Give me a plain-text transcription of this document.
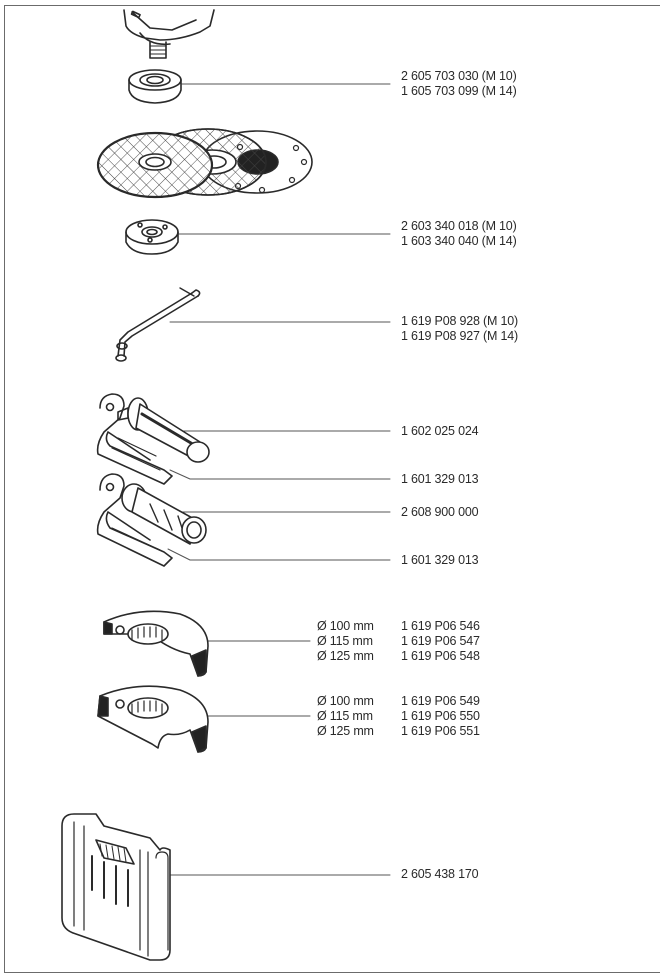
2 605 703 030 (M 10)
1 605 703 099 (M 14)
2 603 340 018 (M 10)
1 603 340 040 (M 14)
1 619 P08 928 (M 10)
1 619 P08 927 (M 14)
1 602 025 024
1 601 329 013
2 608 900 000
1 601 329 013
Ø 100 mm
Ø 115 mm
Ø 125 mm
1 619 P06 546
1 619 P06 547
1 619 P06 548
Ø 100 mm
Ø 115 mm
Ø 125 mm
1 619 P06 549
1 619 P06 550
1 619 P06 551
2 605 438 170
